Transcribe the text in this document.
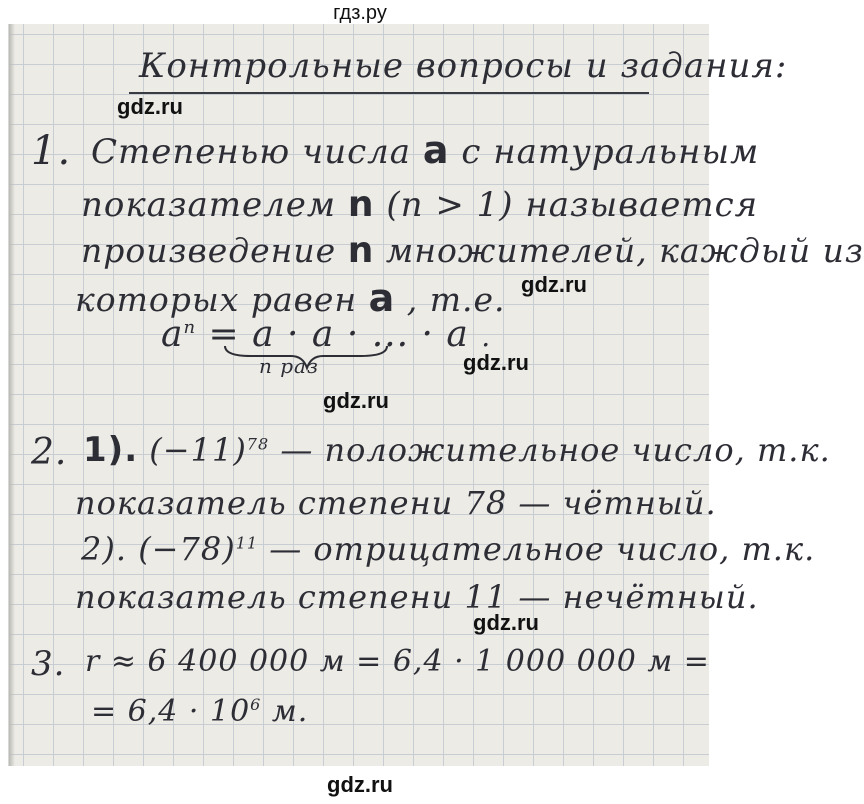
гдз.ру
Контрольные вопросы и задания:
gdz.ru
1. Степенью числа a с натуральным
показателем n (n > 1) называется
произведение n множителей, каждый из
которых равен a , т.е. gdz.ru
$a^n = a \cdot a$ · ... · a .
n раз	gdz.ru
gdz.ru
2. 1). $(-11)^{78}$ — положительное число, т.к.
показатель степени 78 — чётный.
2). $(-78)^{11}$ — отрицательное число, т.к.
показатель степени 11 — нечётный.
gdz.ru
3. r ≈ 6 400 000 м = 6,4 · 1 000 000 м =
= $6,4 \cdot 10^6$ м.
gdz.ru
